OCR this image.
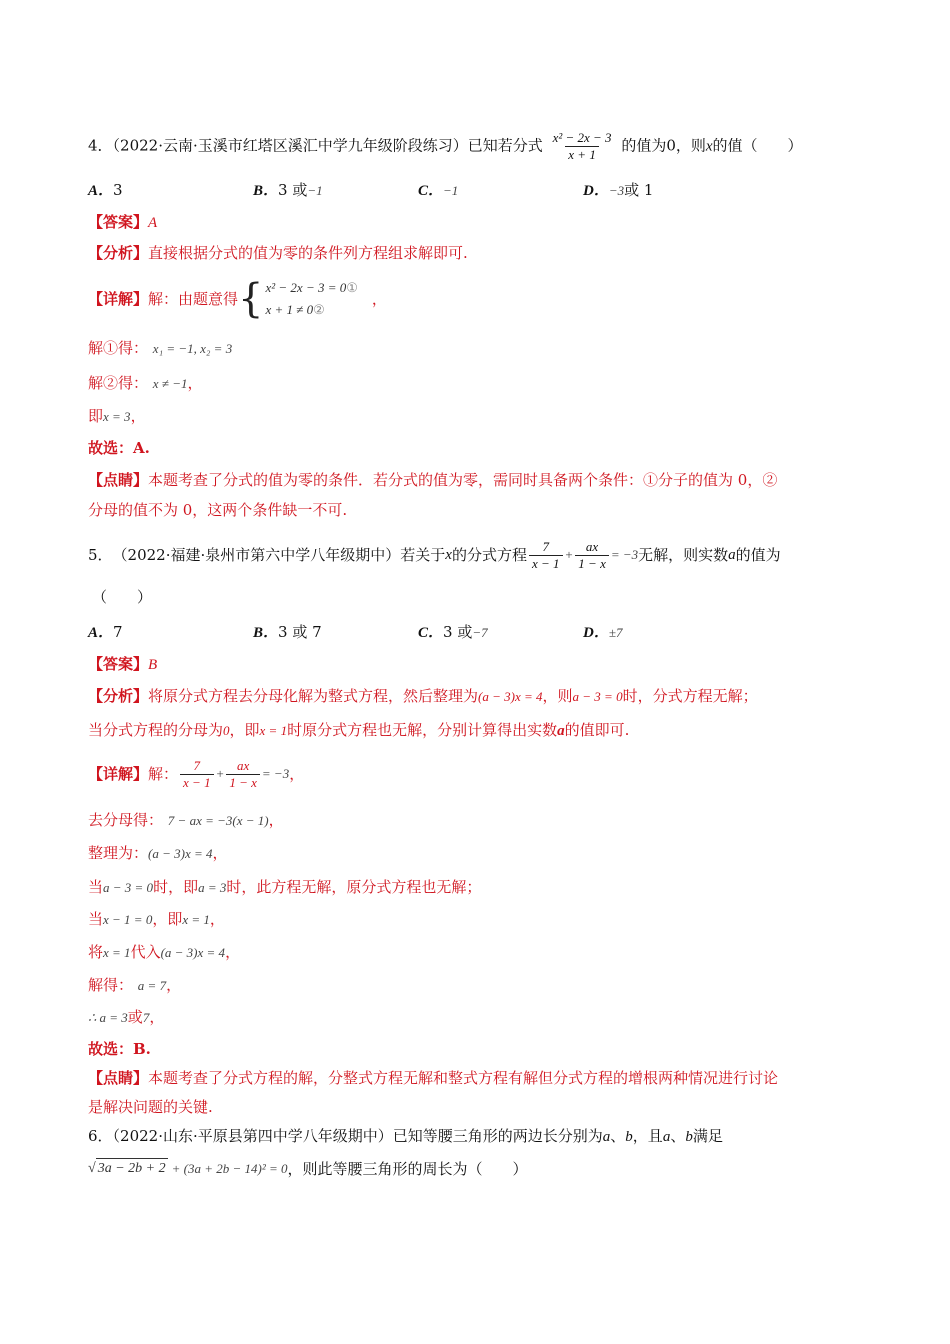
4．（2022·云南·玉溪市红塔区溪汇中学九年级阶段练习）已知若分式 $\frac{\text{x² − 2x − 3}}{x + 1}$ 的值为0，则x的值（　　）
A．3	B．3 或−1	C．−1	D．−3或 1
【答案】A
【分析】直接根据分式的值为零的条件列方程组求解即可.
【详解】 解：由题意得 { x² − 2x − 3 = 0①
x + 1 ≠ 0②
，
解①得： x₁ = −1, x₂ = 3
解②得： x ≠ −1，
即x = 3，
故选：A.
【点睛】本题考查了分式的值为零的条件．若分式的值为零，需同时具备两个条件：①分子的值为 0，②
分母的值不为 0，这两个条件缺一不可.
5． （2022·福建·泉州市第六中学八年级期中） 若关于 x 的分式方程 $\frac{7}{x - 1} + \frac{ax}{1 - x} = -3$ 无解，则实数 a 的值为
（　　）
A．7	B．3 或 7	C．3 或−7	D．±7
【答案】B
【分析】将原分式方程去分母化解为整式方程，然后整理为(a − 3)x = 4，则a − 3 = 0时，分式方程无解；
当分式方程的分母为0，即x = 1时原分式方程也无解，分别计算得出实数a的值即可.
【详解】 解： $\frac{7}{x - 1} + \frac{ax}{1 - x} = -3$ ，
去分母得： 7 − ax = −3(x − 1)，
整理为：(a − 3)x = 4，
当a − 3 = 0时，即a = 3时，此方程无解，原分式方程也无解；
当x − 1 = 0，即x = 1，
将x = 1代入(a − 3)x = 4，
解得： a = 7，
∴ a = 3或7，
故选：B.
【点睛】本题考查了分式方程的解，分整式方程无解和整式方程有解但分式方程的增根两种情况进行讨论
是解决问题的关键.
6．（2022·山东·平原县第四中学八年级期中）已知等腰三角形的两边长分别为a、b，且a、b满足
√ 3a − 2b + 2 + (3a + 2b − 14)² = 0 ，则此等腰三角形的周长为（　　）
